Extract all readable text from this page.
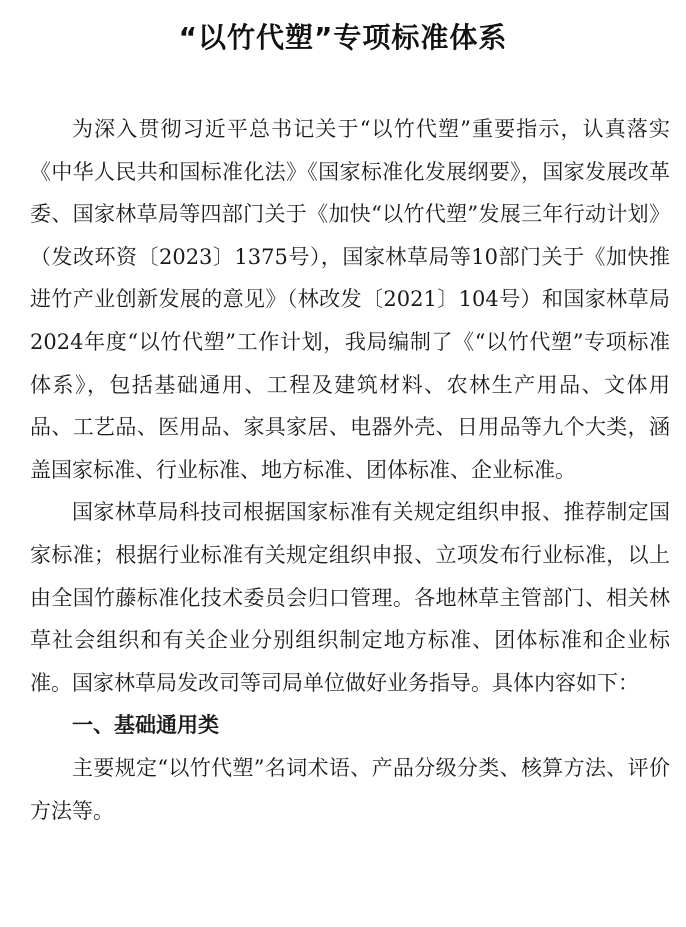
“以竹代塑”专项标准体系

为深入贯彻习近平总书记关于“以竹代塑”重要指示，认真落实《中华人民共和国标准化法》《国家标准化发展纲要》，国家发展改革委、国家林草局等四部门关于《加快“以竹代塑”发展三年行动计划》（发改环资〔2023〕1375号），国家林草局等10部门关于《加快推进竹产业创新发展的意见》（林改发〔2021〕104号）和国家林草局2024年度“以竹代塑”工作计划，我局编制了《“以竹代塑”专项标准体系》，包括基础通用、工程及建筑材料、农林生产用品、文体用品、工艺品、医用品、家具家居、电器外壳、日用品等九个大类，涵盖国家标准、行业标准、地方标准、团体标准、企业标准。

国家林草局科技司根据国家标准有关规定组织申报、推荐制定国家标准；根据行业标准有关规定组织申报、立项发布行业标准，以上由全国竹藤标准化技术委员会归口管理。各地林草主管部门、相关林草社会组织和有关企业分别组织制定地方标准、团体标准和企业标准。国家林草局发改司等司局单位做好业务指导。具体内容如下：

一、基础通用类

主要规定“以竹代塑”名词术语、产品分级分类、核算方法、评价方法等。
